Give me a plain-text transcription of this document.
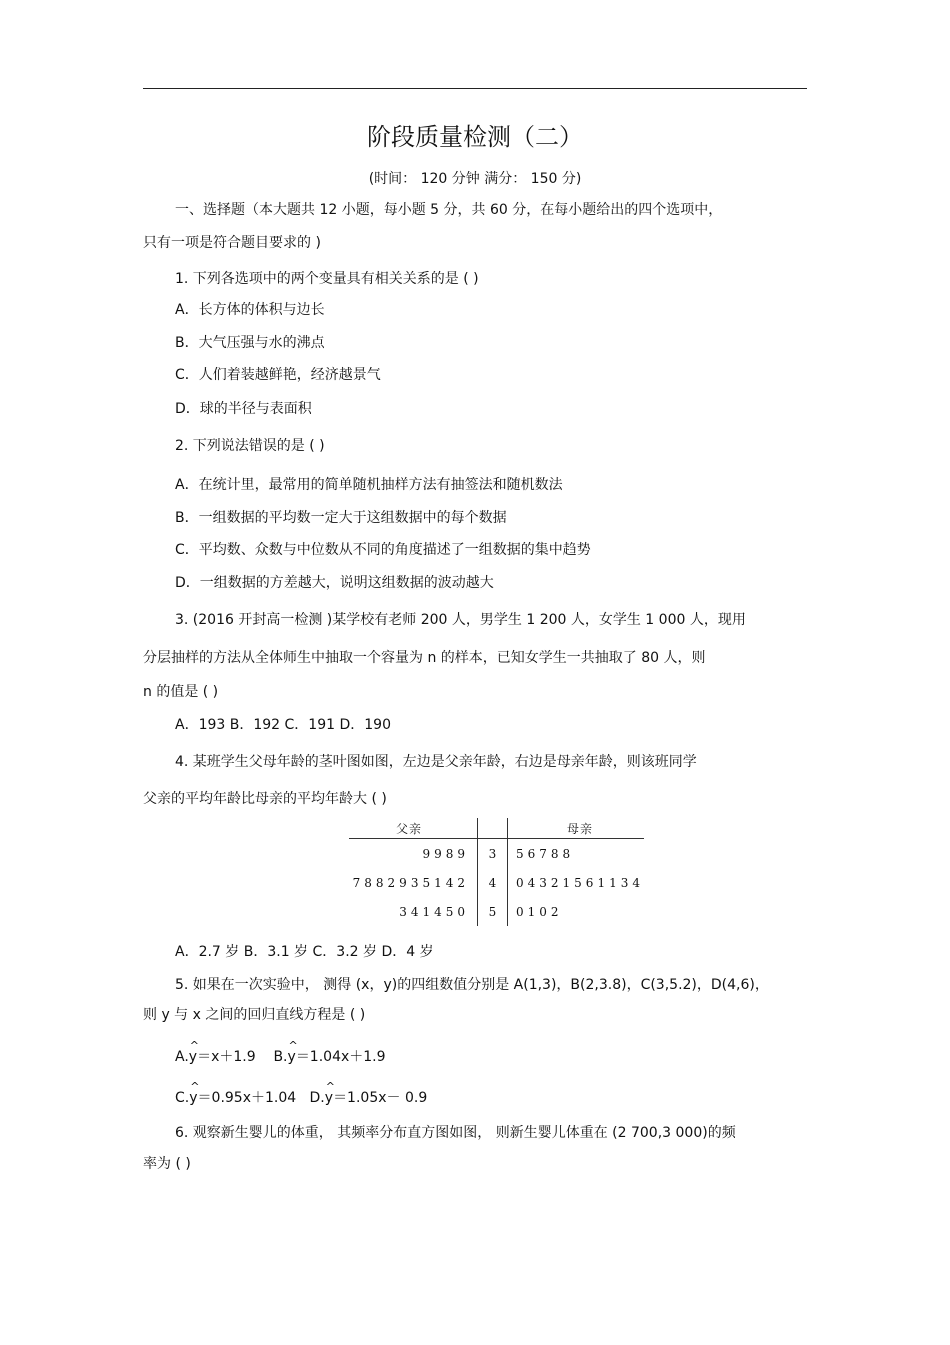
阶段质量检测（二）
(时间： 120 分钟 满分： 150 分)
一、选择题（本大题共 12 小题，每小题 5 分，共 60 分，在每小题给出的四个选项中，
只有一项是符合题目要求的 )
1. 下列各选项中的两个变量具有相关关系的是 ( )
A．长方体的体积与边长
B．大气压强与水的沸点
C．人们着装越鲜艳，经济越景气
D．球的半径与表面积
2. 下列说法错误的是 ( )
A．在统计里，最常用的简单随机抽样方法有抽签法和随机数法
B．一组数据的平均数一定大于这组数据中的每个数据
C．平均数、众数与中位数从不同的角度描述了一组数据的集中趋势
D．一组数据的方差越大，说明这组数据的波动越大
3. (2016 开封高一检测 )某学校有老师 200 人，男学生 1 200 人，女学生 1 000 人，现用
分层抽样的方法从全体师生中抽取一个容量为 n 的样本，已知女学生一共抽取了 80 人，则
n 的值是 ( )
A．193 B．192 C．191 D．190
4. 某班学生父母年龄的茎叶图如图，左边是父亲年龄，右边是母亲年龄，则该班同学
父亲的平均年龄比母亲的平均年龄大 ( )
父亲		母亲
9989	3	56788
7882935142	4	04321561134
341450	5	0102
A．2.7 岁 B．3.1 岁 C．3.2 岁 D．4 岁
5. 如果在一次实验中， 测得 (x，y)的四组数值分别是 A(1,3)，B(2,3.8)，C(3,5.2)，D(4,6)，
则 y 与 x 之间的回归直线方程是 ( )
A.^ y＝x＋1.9 B.^ y＝1.04x＋1.9
C.^ y＝0.95x＋1.04 D.^ y＝1.05x－ 0.9
6. 观察新生婴儿的体重， 其频率分布直方图如图， 则新生婴儿体重在 (2 700,3 000)的频
率为 ( )
